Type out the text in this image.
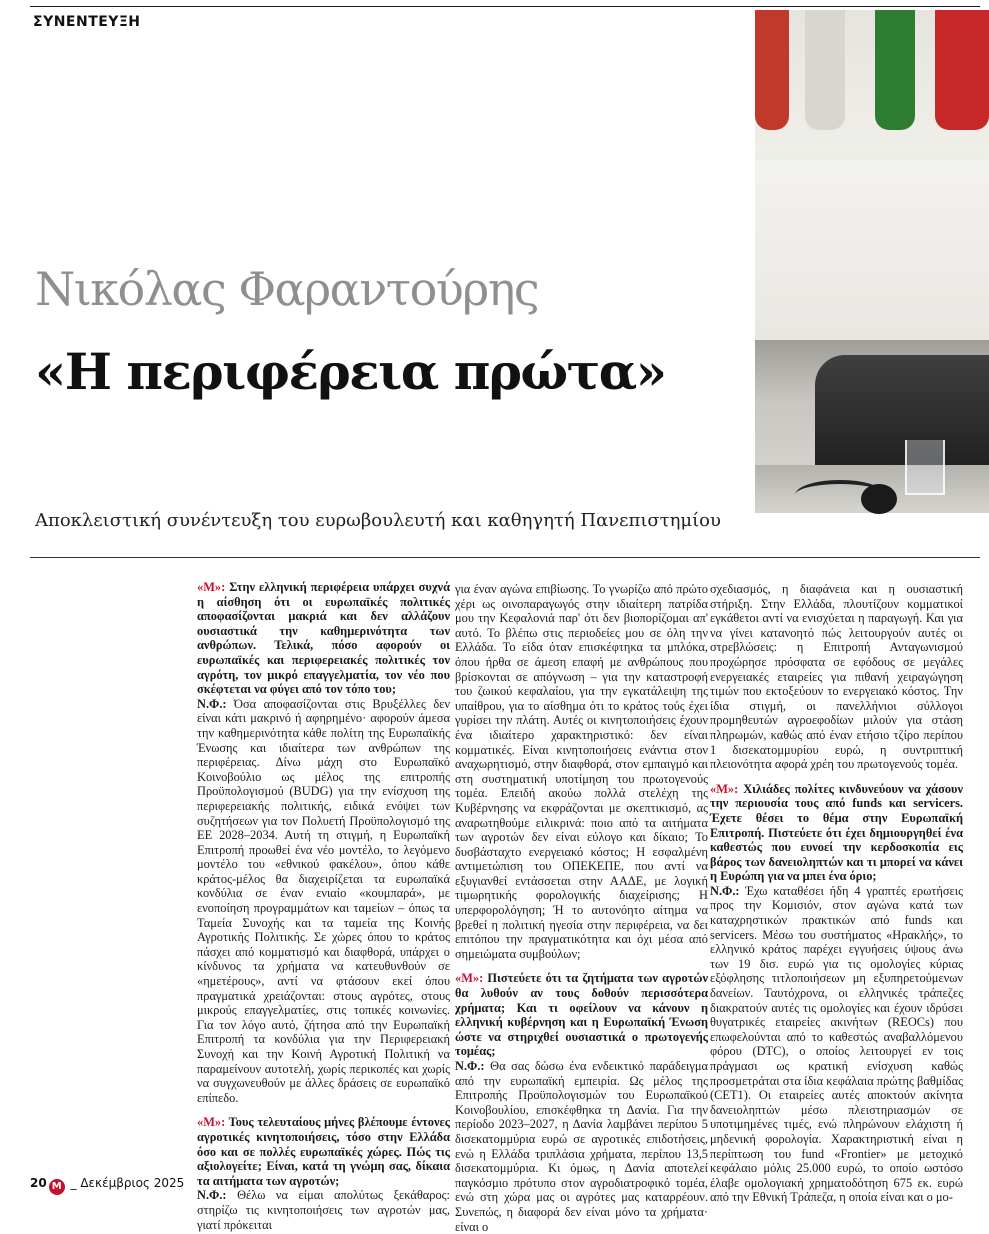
ΣΥΝΕΝΤΕΥΞΗ
Νικόλας Φαραντούρης
«Η περιφέρεια πρώτα»
Αποκλειστική συνέντευξη του ευρωβουλευτή και καθηγητή Πανεπιστημίου

«Μ»: Στην ελληνική περιφέρεια υπάρχει συχνά η αίσθηση ότι οι ευρωπαϊκές πολιτικές αποφασίζονται μακριά και δεν αλλάζουν ουσιαστικά την καθημερινότητα των ανθρώπων. Τελικά, πόσο αφορούν οι ευρωπαϊκές και περιφερειακές πολιτικές τον αγρότη, τον μικρό επαγγελματία, τον νέο που σκέφτεται να φύγει από τον τόπο του;

Ν.Φ.: Όσα αποφασίζονται στις Βρυξέλλες δεν είναι κάτι μακρινό ή αφηρημένο· αφορούν άμεσα την καθημερινότητα κάθε πολίτη της Ευρωπαϊκής Ένωσης και ιδιαίτερα των ανθρώπων της περιφέρειας. Δίνω μάχη στο Ευρωπαϊκό Κοινοβούλιο ως μέλος της επιτροπής Προϋπολογισμού (BUDG) για την ενίσχυση της περιφερειακής πολιτικής, ειδικά ενόψει των συζητήσεων για τον Πολυετή Προϋπολογισμό της ΕΕ 2028–2034. Αυτή τη στιγμή, η Ευρωπαϊκή Επιτροπή προωθεί ένα νέο μοντέλο, το λεγόμενο μοντέλο του «εθνικού φακέλου», όπου κάθε κράτος-μέλος θα διαχειρίζεται τα ευρωπαϊκά κονδύλια σε έναν ενιαίο «κουμπαρά», με ενοποίηση προγραμμάτων και ταμείων – όπως τα Ταμεία Συνοχής και τα ταμεία της Κοινής Αγροτικής Πολιτικής. Σε χώρες όπου το κράτος πάσχει από κομματισμό και διαφθορά, υπάρχει ο κίνδυνος τα χρήματα να κατευθυνθούν σε «ημετέρους», αντί να φτάσουν εκεί όπου πραγματικά χρειάζονται: στους αγρότες, στους μικρούς επαγγελματίες, στις τοπικές κοινωνίες. Για τον λόγο αυτό, ζήτησα από την Ευρωπαϊκή Επιτροπή τα κονδύλια για την Περιφερειακή Συνοχή και την Κοινή Αγροτική Πολιτική να παραμείνουν αυτοτελή, χωρίς περικοπές και χωρίς να συγχωνευθούν με άλλες δράσεις σε ευρωπαϊκό επίπεδο.

«Μ»: Τους τελευταίους μήνες βλέπουμε έντονες αγροτικές κινητοποιήσεις, τόσο στην Ελλάδα όσο και σε πολλές ευρωπαϊκές χώρες. Πώς τις αξιολογείτε; Είναι, κατά τη γνώμη σας, δίκαια τα αιτήματα των αγροτών;

Ν.Φ.: Θέλω να είμαι απολύτως ξεκάθαρος: στηρίζω τις κινητοποιήσεις των αγροτών μας, γιατί πρόκειται

για έναν αγώνα επιβίωσης. Το γνωρίζω από πρώτο χέρι ως οινοπαραγωγός στην ιδιαίτερη πατρίδα μου την Κεφαλονιά παρ' ότι δεν βιοπορίζομαι απ' αυτό. Το βλέπω στις περιοδείες μου σε όλη την Ελλάδα. Το είδα όταν επισκέφτηκα τα μπλόκα, όπου ήρθα σε άμεση επαφή με ανθρώπους που βρίσκονται σε απόγνωση – για την καταστροφή του ζωικού κεφαλαίου, για την εγκατάλειψη της υπαίθρου, για το αίσθημα ότι το κράτος τούς έχει γυρίσει την πλάτη. Αυτές οι κινητοποιήσεις έχουν ένα ιδιαίτερο χαρακτηριστικό: δεν είναι κομματικές. Είναι κινητοποιήσεις ενάντια στον αναχωρητισμό, στην διαφθορά, στον εμπαιγμό και στη συστηματική υποτίμηση του πρωτογενούς τομέα. Επειδή ακούω πολλά στελέχη της Κυβέρνησης να εκφράζονται με σκεπτικισμό, ας αναρωτηθούμε ειλικρινά: ποιο από τα αιτήματα των αγροτών δεν είναι εύλογο και δίκαιο; Το δυσβάσταχτο ενεργειακό κόστος; Η εσφαλμένη αντιμετώπιση του ΟΠΕΚΕΠΕ, που αντί να εξυγιανθεί εντάσσεται στην ΑΑΔΕ, με λογική τιμωρητικής φορολογικής διαχείρισης; Η υπερφορολόγηση; Ή το αυτονόητο αίτημα να βρεθεί η πολιτική ηγεσία στην περιφέρεια, να δει επιτόπου την πραγματικότητα και όχι μέσα από σημειώματα συμβούλων;

«Μ»: Πιστεύετε ότι τα ζητήματα των αγροτών θα λυθούν αν τους δοθούν περισσότερα χρήματα; Και τι οφείλουν να κάνουν η ελληνική κυβέρνηση και η Ευρωπαϊκή Ένωση ώστε να στηριχθεί ουσιαστικά ο πρωτογενής τομέας;

Ν.Φ.: Θα σας δώσω ένα ενδεικτικό παράδειγμα από την ευρωπαϊκή εμπειρία. Ως μέλος της Επιτροπής Προϋπολογισμών του Ευρωπαϊκού Κοινοβουλίου, επισκέφθηκα τη Δανία. Για την περίοδο 2023–2027, η Δανία λαμβάνει περίπου 5 δισεκατομμύρια ευρώ σε αγροτικές επιδοτήσεις, ενώ η Ελλάδα τριπλάσια χρήματα, περίπου 13,5 δισεκατομμύρια. Κι όμως, η Δανία αποτελεί παγκόσμιο πρότυπο στον αγροδιατροφικό τομέα, ενώ στη χώρα μας οι αγρότες μας καταρρέουν. Συνεπώς, η διαφορά δεν είναι μόνο τα χρήματα· είναι ο

σχεδιασμός, η διαφάνεια και η ουσιαστική στήριξη. Στην Ελλάδα, πλουτίζουν κομματικοί εγκάθετοι αντί να ενισχύεται η παραγωγή. Και για να γίνει κατανοητό πώς λειτουργούν αυτές οι στρεβλώσεις: η Επιτροπή Ανταγωνισμού προχώρησε πρόσφατα σε εφόδους σε μεγάλες ενεργειακές εταιρείες για πιθανή χειραγώγηση τιμών που εκτοξεύουν το ενεργειακό κόστος. Την ίδια στιγμή, οι πανελλήνιοι σύλλογοι προμηθευτών αγροεφοδίων μιλούν για στάση πληρωμών, καθώς από έναν ετήσιο τζίρο περίπου 1 δισεκατομμυρίου ευρώ, η συντριπτική πλειονότητα αφορά χρέη του πρωτογενούς τομέα.

«Μ»: Χιλιάδες πολίτες κινδυνεύουν να χάσουν την περιουσία τους από funds και servicers. Έχετε θέσει το θέμα στην Ευρωπαϊκή Επιτροπή. Πιστεύετε ότι έχει δημιουργηθεί ένα καθεστώς που ευνοεί την κερδοσκοπία εις βάρος των δανειοληπτών και τι μπορεί να κάνει η Ευρώπη για να μπει ένα όριο;

Ν.Φ.: Έχω καταθέσει ήδη 4 γραπτές ερωτήσεις προς την Κομισιόν, στον αγώνα κατά των καταχρηστικών πρακτικών από funds και servicers. Μέσω του συστήματος «Ηρακλής», το ελληνικό κράτος παρέχει εγγυήσεις ύψους άνω των 19 δισ. ευρώ για τις ομολογίες κύριας εξόφλησης τιτλοποιήσεων μη εξυπηρετούμενων δανείων. Ταυτόχρονα, οι ελληνικές τράπεζες διακρατούν αυτές τις ομολογίες και έχουν ιδρύσει θυγατρικές εταιρείες ακινήτων (REOCs) που επωφελούνται από το καθεστώς αναβαλλόμενου φόρου (DTC), ο οποίος λειτουργεί εν τοις πράγμασι ως κρατική ενίσχυση καθώς προσμετράται στα ίδια κεφάλαια πρώτης βαθμίδας (CET1). Οι εταιρείες αυτές αποκτούν ακίνητα δανειοληπτών μέσω πλειστηριασμών σε υποτιμημένες τιμές, ενώ πληρώνουν ελάχιστη ή μηδενική φορολογία. Χαρακτηριστική είναι η περίπτωση του fund «Frontier» με μετοχικό κεφάλαιο μόλις 25.000 ευρώ, το οποίο ωστόσο έλαβε ομολογιακή χρηματοδότηση 675 εκ. ευρώ από την Εθνική Τράπεζα, η οποία είναι και ο μο-

20 M _ Δεκέμβριος 2025
